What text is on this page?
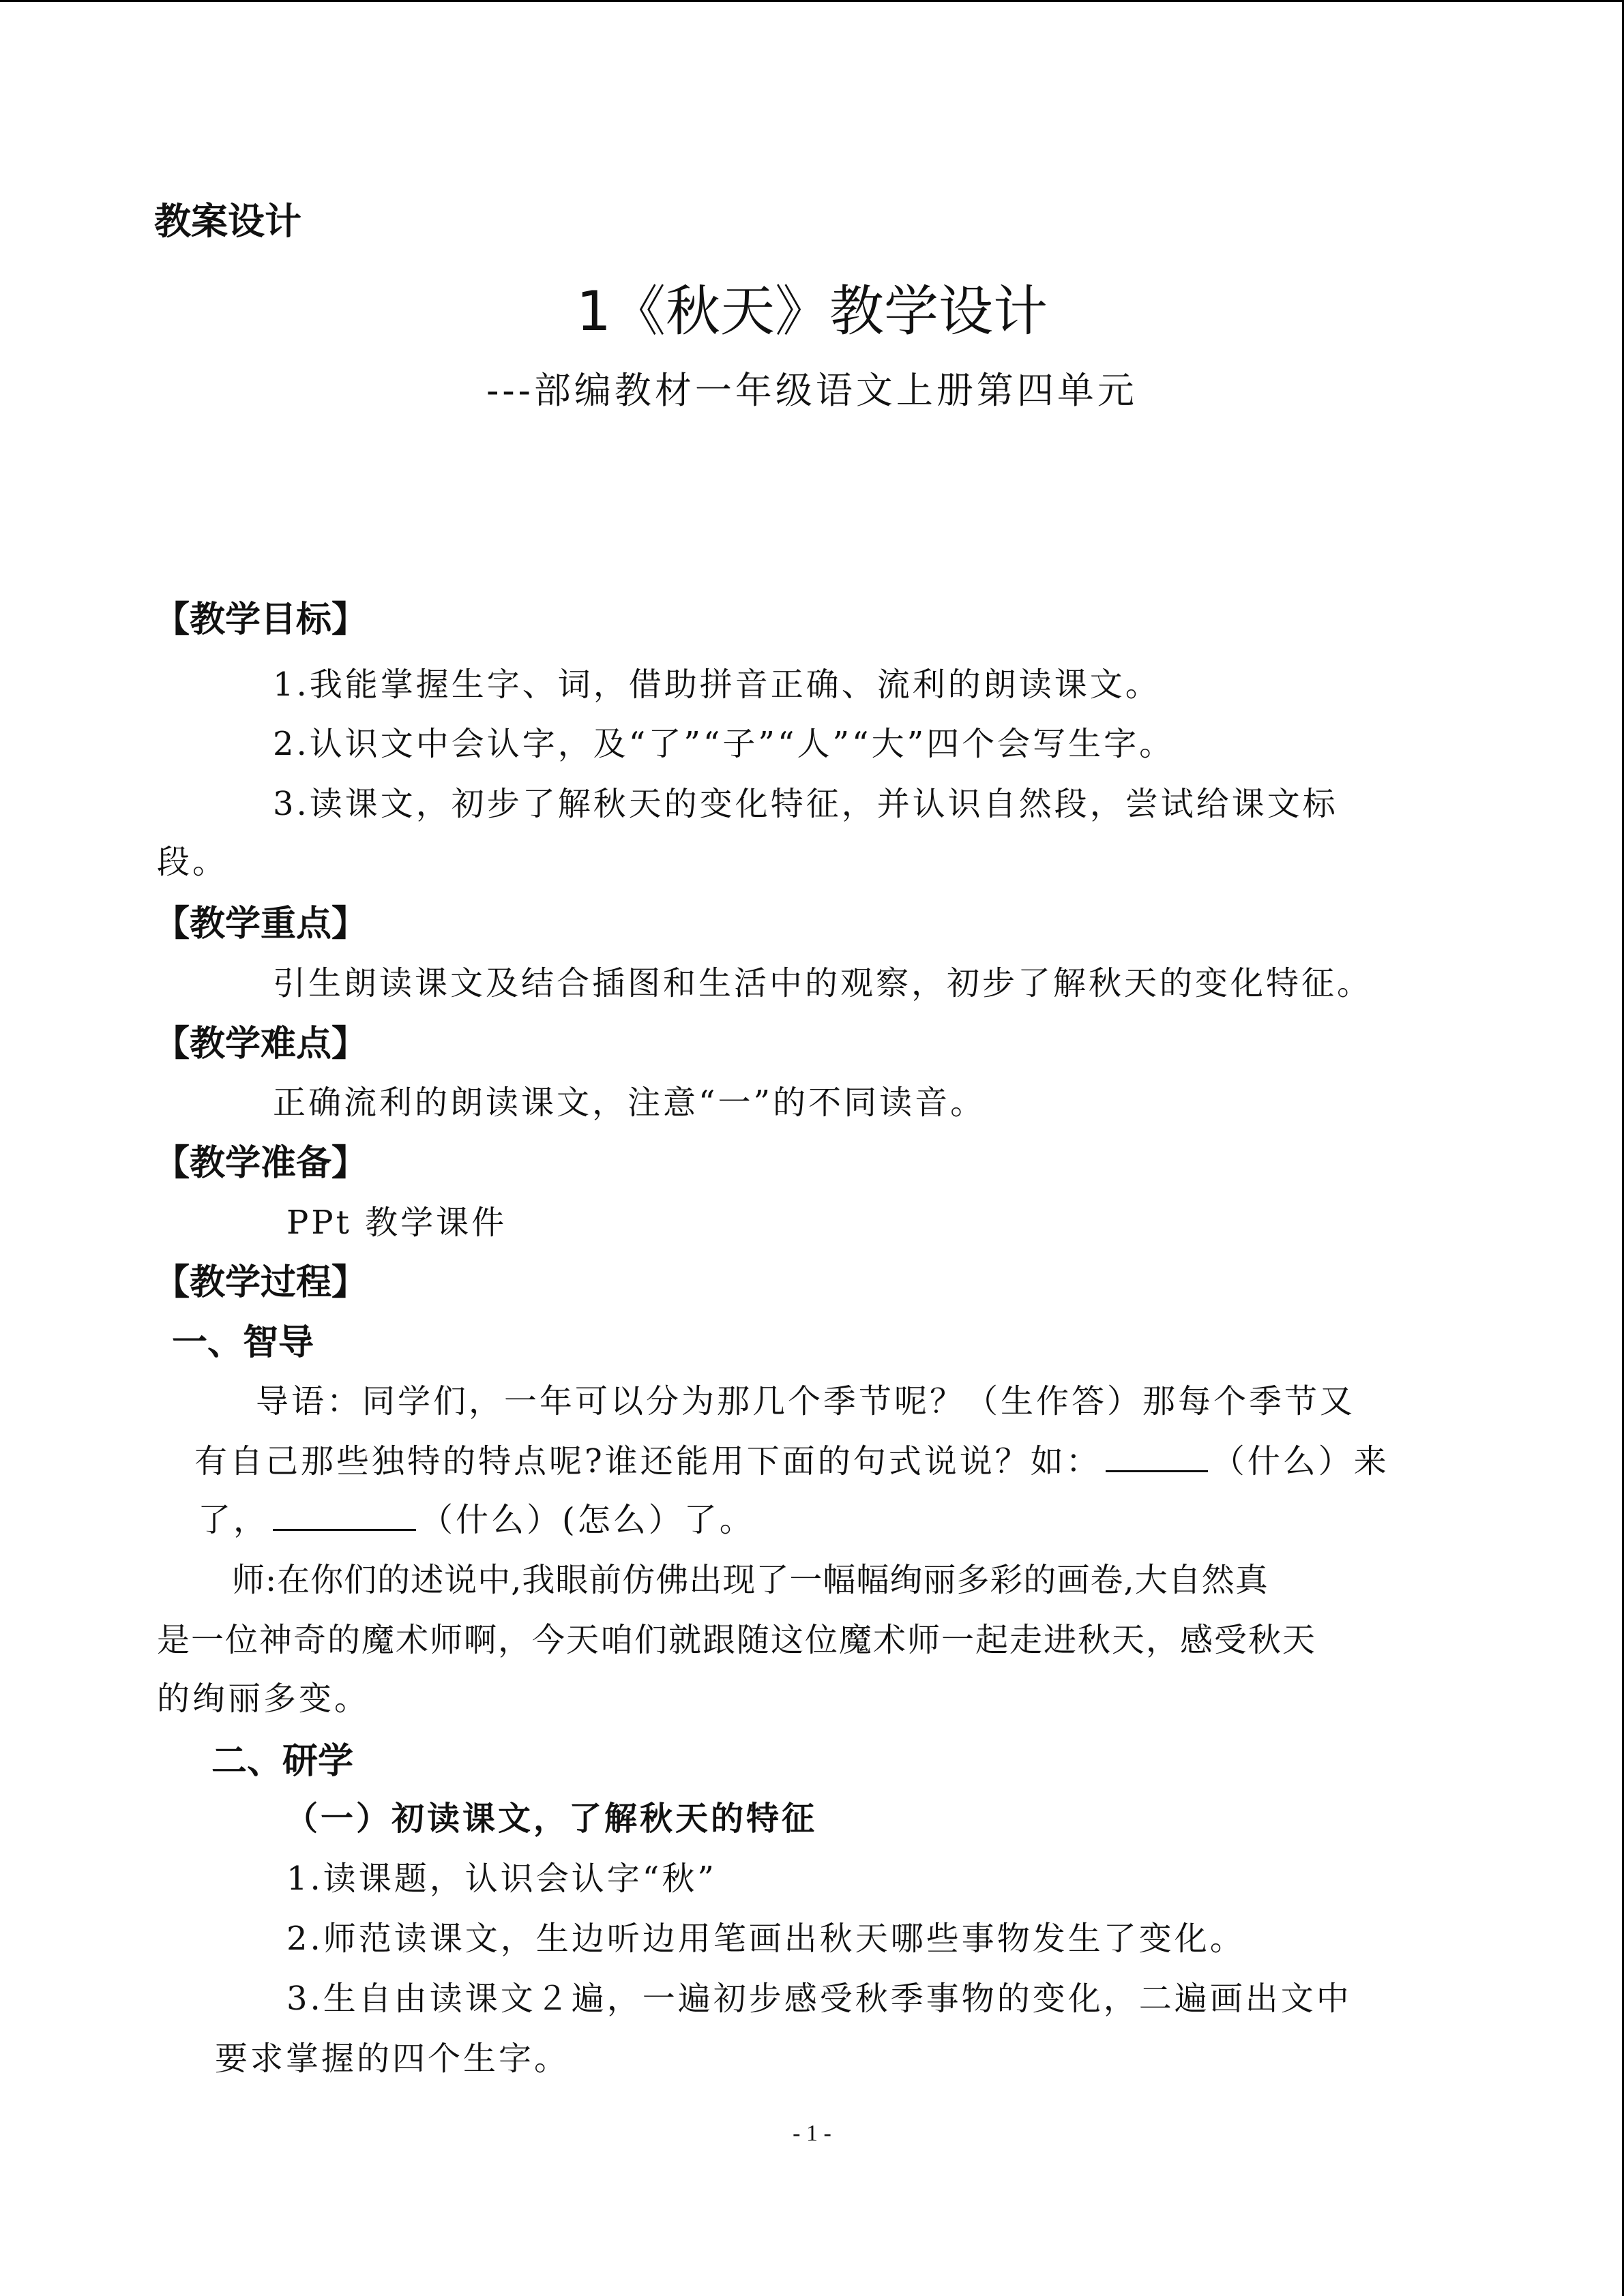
教案设计
1《秋天》教学设计
---部编教材一年级语文上册第四单元
【教学目标】
1.我能掌握生字、词，借助拼音正确、流利的朗读课文。
2.认识文中会认字，及“了”“子”“人”“大”四个会写生字。
3.读课文，初步了解秋天的变化特征，并认识自然段，尝试给课文标
段。
【教学重点】
引生朗读课文及结合插图和生活中的观察，初步了解秋天的变化特征。
【教学难点】
正确流利的朗读课文，注意“一”的不同读音。
【教学准备】
PPt 教学课件
【教学过程】
一、智导
导语：同学们，一年可以分为那几个季节呢？（生作答）那每个季节又
有自己那些独特的特点呢?谁还能用下面的句式说说？如：	（什么）来
了，	（什么）(怎么）了。
师:在你们的述说中,我眼前仿佛出现了一幅幅绚丽多彩的画卷,大自然真
是一位神奇的魔术师啊，今天咱们就跟随这位魔术师一起走进秋天，感受秋天
的绚丽多变。
二、研学
（一）初读课文，了解秋天的特征
1.读课题，认识会认字“秋”
2.师范读课文，生边听边用笔画出秋天哪些事物发生了变化。
3.生自由读课文２遍，一遍初步感受秋季事物的变化，二遍画出文中
要求掌握的四个生字。
- 1 -
